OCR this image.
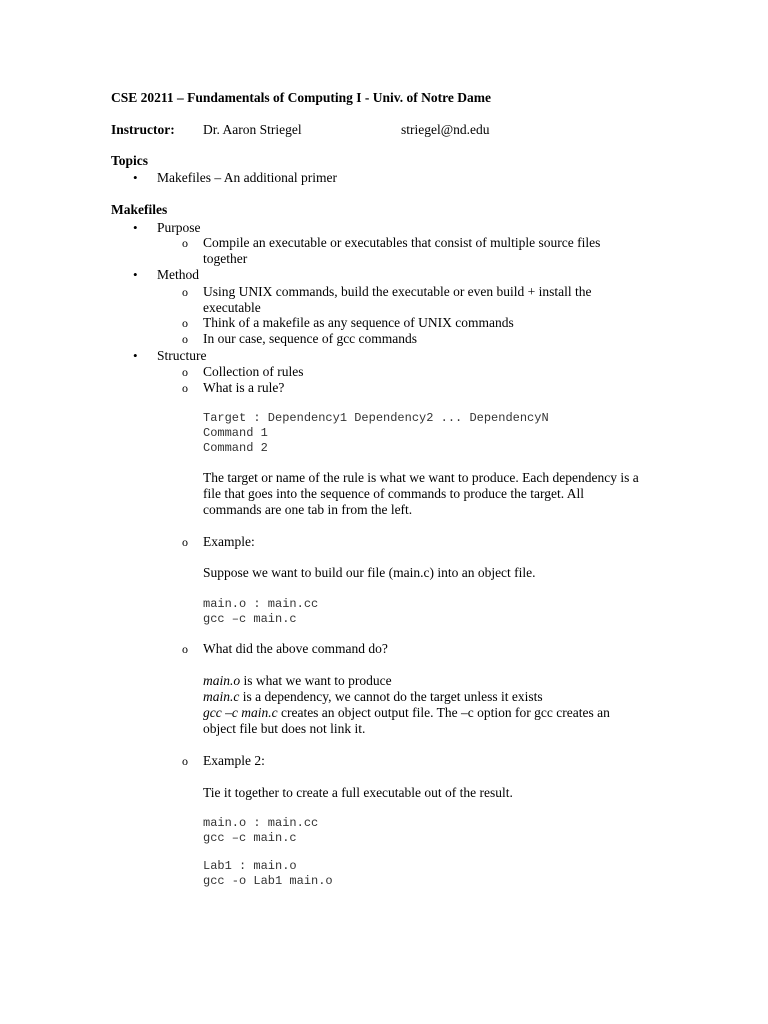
CSE 20211 – Fundamentals of Computing I - Univ. of Notre Dame
Instructor: Dr. Aaron Striegel	striegel@nd.edu
Topics
• Makefiles – An additional primer
Makefiles
• Purpose
o Compile an executable or executables that consist of multiple source files
together
• Method
o Using UNIX commands, build the executable or even build + install the
executable
o Think of a makefile as any sequence of UNIX commands
o In our case, sequence of gcc commands
• Structure
o Collection of rules
o What is a rule?
Target : Dependency1 Dependency2 ... DependencyN
Command 1
Command 2
The target or name of the rule is what we want to produce. Each dependency is a
file that goes into the sequence of commands to produce the target. All
commands are one tab in from the left.
o Example:
Suppose we want to build our file (main.c) into an object file.
main.o : main.cc
gcc –c main.c
o What did the above command do?
main.o is what we want to produce
main.c is a dependency, we cannot do the target unless it exists
gcc –c main.c creates an object output file. The –c option for gcc creates an
object file but does not link it.
o Example 2:
Tie it together to create a full executable out of the result.
main.o : main.cc
gcc –c main.c
Lab1 : main.o
gcc -o Lab1 main.o
